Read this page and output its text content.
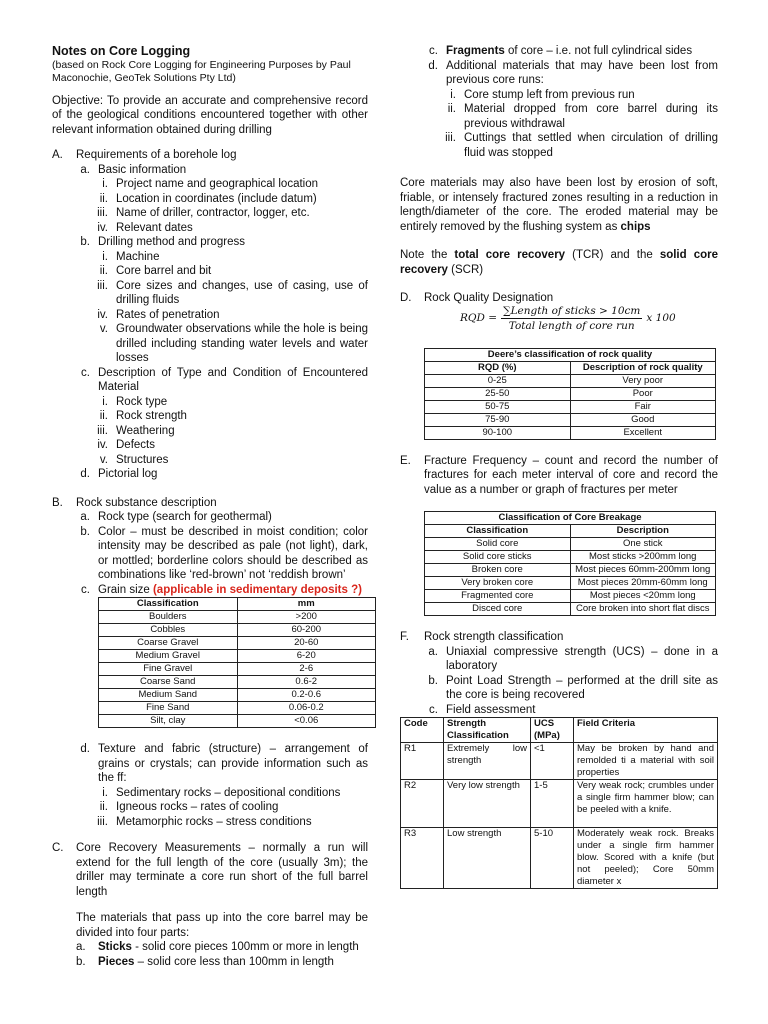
Notes on Core Logging

(based on Rock Core Logging for Engineering Purposes by Paul Maconochie, GeoTek Solutions Pty Ltd)

Objective: To provide an accurate and comprehensive record of the geological conditions encountered together with other relevant information obtained during drilling

A.	Requirements of a borehole log
a. Basic information
i. Project name and geographical location
ii. Location in coordinates (include datum)
iii. Name of driller, contractor, logger, etc.
iv. Relevant dates
b. Drilling method and progress
i. Machine
ii. Core barrel and bit
iii. Core sizes and changes, use of casing, use of drilling fluids
iv. Rates of penetration
v. Groundwater observations while the hole is being drilled including standing water levels and water losses
c. Description of Type and Condition of Encountered Material
i. Rock type
ii. Rock strength
iii. Weathering
iv. Defects
v. Structures
d. Pictorial log
B.	Rock substance description
a. Rock type (search for geothermal)
b. Color – must be described in moist condition; color intensity may be described as pale (not light), dark, or mottled; borderline colors should be described as combinations like ‘red-brown’ not ‘reddish brown’
c. Grain size (applicable in sedimentary deposits ?)
Classification	mm
Boulders	>200
Cobbles	60-200
Coarse Gravel	20-60
Medium Gravel	6-20
Fine Gravel	2-6
Coarse Sand	0.6-2
Medium Sand	0.2-0.6
Fine Sand	0.06-0.2
Silt, clay	<0.06
d. Texture and fabric (structure) – arrangement of grains or crystals; can provide information such as the ff:
i. Sedimentary rocks – depositional conditions
ii. Igneous rocks – rates of cooling
iii. Metamorphic rocks – stress conditions
C.	Core Recovery Measurements – normally a run will extend for the full length of the core (usually 3m); the driller may terminate a core run short of the full barrel length

The materials that pass up into the core barrel may be divided into four parts:

a.	Sticks - solid core pieces 100mm or more in length
b.	Pieces – solid core less than 100mm in length
c. Fragments of core – i.e. not full cylindrical sides
d. Additional materials that may have been lost from previous core runs:
i. Core stump left from previous run
ii. Material dropped from core barrel during its previous withdrawal
iii. Cuttings that settled when circulation of drilling fluid was stopped

Core materials may also have been lost by erosion of soft, friable, or intensely fractured zones resulting in a reduction in length/diameter of the core. The eroded material may be entirely removed by the flushing system as chips

Note the total core recovery (TCR) and the solid core recovery (SCR)

D.	Rock Quality Designation
RQD =
∑Length of sticks > 10cm
Total length of core run
x 100
Deere’s classification of rock quality	
RQD (%)	Description of rock quality
0-25	Very poor
25-50	Poor
50-75	Fair
75-90	Good
90-100	Excellent
E.	Fracture Frequency – count and record the number of fractures for each meter interval of core and record the value as a number or graph of fractures per meter
Classification of Core Breakage	
Classification	Description
Solid core	One stick
Solid core sticks	Most sticks >200mm long
Broken core	Most pieces 60mm-200mm long
Very broken core	Most pieces 20mm-60mm long
Fragmented core	Most pieces <20mm long
Disced core	Core broken into short flat discs
F.	Rock strength classification
a. Uniaxial compressive strength (UCS) – done in a laboratory
b. Point Load Strength – performed at the drill site as the core is being recovered
c. Field assessment
Code	Strength Classification	UCS (MPa)	Field Criteria
R1	Extremely low strength	<1	May be broken by hand and remolded ti a material with soil properties
R2	Very low strength	1-5	Very weak rock; crumbles under a single firm hammer blow; can be peeled with a knife.
R3	Low strength	5-10	Moderately weak rock. Breaks under a single firm hammer blow. Scored with a knife (but not peeled); Core 50mm diameter x
